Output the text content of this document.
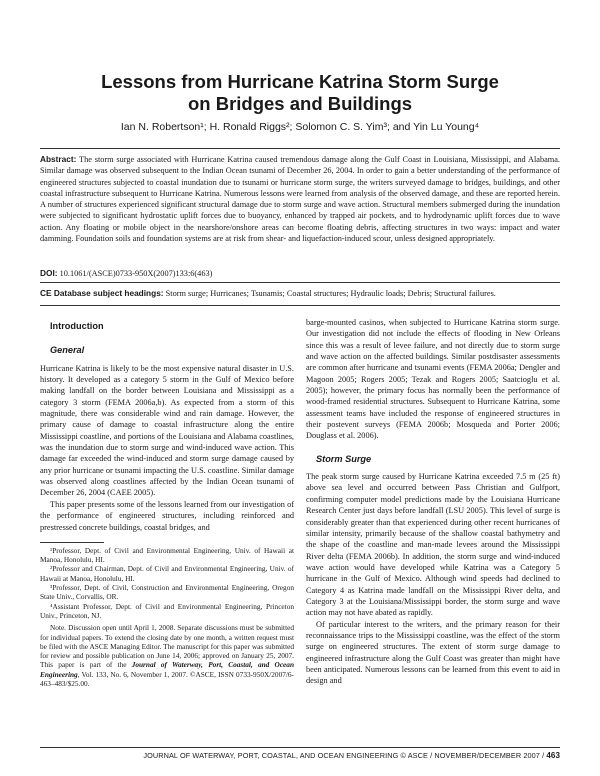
Lessons from Hurricane Katrina Storm Surge
on Bridges and Buildings

Ian N. Robertson¹; H. Ronald Riggs²; Solomon C. S. Yim³; and Yin Lu Young⁴

Abstract: The storm surge associated with Hurricane Katrina caused tremendous damage along the Gulf Coast in Louisiana, Mississippi, and Alabama. Similar damage was observed subsequent to the Indian Ocean tsunami of December 26, 2004. In order to gain a better understanding of the performance of engineered structures subjected to coastal inundation due to tsunami or hurricane storm surge, the writers surveyed damage to bridges, buildings, and other coastal infrastructure subsequent to Hurricane Katrina. Numerous lessons were learned from analysis of the observed damage, and these are reported herein. A number of structures experienced significant structural damage due to storm surge and wave action. Structural members submerged during the inundation were subjected to significant hydrostatic uplift forces due to buoyancy, enhanced by trapped air pockets, and to hydrodynamic uplift forces due to wave action. Any floating or mobile object in the nearshore/onshore areas can become floating debris, affecting structures in two ways: impact and water damming. Foundation soils and foundation systems are at risk from shear- and liquefaction-induced scour, unless designed appropriately.

DOI: 10.1061/(ASCE)0733-950X(2007)133:6(463)

CE Database subject headings: Storm surge; Hurricanes; Tsunamis; Coastal structures; Hydraulic loads; Debris; Structural failures.

Introduction

General

Hurricane Katrina is likely to be the most expensive natural disaster in U.S. history. It developed as a category 5 storm in the Gulf of Mexico before making landfall on the border between Louisiana and Mississippi as a category 3 storm (FEMA 2006a,b). As expected from a storm of this magnitude, there was considerable wind and rain damage. However, the primary cause of damage to coastal infrastructure along the entire Mississippi coastline, and portions of the Louisiana and Alabama coastlines, was the inundation due to storm surge and wind-induced wave action. This damage far exceeded the wind-induced and storm surge damage caused by any prior hurricane or tsunami impacting the U.S. coastline. Similar damage was observed along coastlines affected by the Indian Ocean tsunami of December 26, 2004 (CAEE 2005).

This paper presents some of the lessons learned from our investigation of the performance of engineered structures, including reinforced and prestressed concrete buildings, coastal bridges, and

¹Professor, Dept. of Civil and Environmental Engineering, Univ. of Hawaii at Manoa, Honolulu, HI.

²Professor and Chairman, Dept. of Civil and Environmental Engineering, Univ. of Hawaii at Manoa, Honolulu, HI.

³Professor, Dept. of Civil, Construction and Environmental Engineering, Oregon State Univ., Corvallis, OR.

⁴Assistant Professor, Dept. of Civil and Environmental Engineering, Princeton Univ., Princeton, NJ.

Note. Discussion open until April 1, 2008. Separate discussions must be submitted for individual papers. To extend the closing date by one month, a written request must be filed with the ASCE Managing Editor. The manuscript for this paper was submitted for review and possible publication on June 14, 2006; approved on January 25, 2007. This paper is part of the Journal of Waterway, Port, Coastal, and Ocean Engineering, Vol. 133, No. 6, November 1, 2007. ©ASCE, ISSN 0733-950X/2007/6-463–483/$25.00.

barge-mounted casinos, when subjected to Hurricane Katrina storm surge. Our investigation did not include the effects of flooding in New Orleans since this was a result of levee failure, and not directly due to storm surge and wave action on the affected buildings. Similar postdisaster assessments are common after hurricane and tsunami events (FEMA 2006a; Dengler and Magoon 2005; Rogers 2005; Tezak and Rogers 2005; Saatcioglu et al. 2005); however, the primary focus has normally been the performance of wood-framed residential structures. Subsequent to Hurricane Katrina, some assessment teams have included the response of engineered structures in their postevent surveys (FEMA 2006b; Mosqueda and Porter 2006; Douglass et al. 2006).

Storm Surge

The peak storm surge caused by Hurricane Katrina exceeded 7.5 m (25 ft) above sea level and occurred between Pass Christian and Gulfport, confirming computer model predictions made by the Louisiana Hurricane Research Center just days before landfall (LSU 2005). This level of surge is considerably greater than that experienced during other recent hurricanes of similar intensity, primarily because of the shallow coastal bathymetry and the shape of the coastline and man-made levees around the Mississippi River delta (FEMA 2006b). In addition, the storm surge and wind-induced wave action would have developed while Katrina was a Category 5 hurricane in the Gulf of Mexico. Although wind speeds had declined to Category 4 as Katrina made landfall on the Mississippi River delta, and Category 3 at the Louisiana/Mississippi border, the storm surge and wave action may not have abated as rapidly.

Of particular interest to the writers, and the primary reason for their reconnaissance trips to the Mississippi coastline, was the effect of the storm surge on engineered structures. The extent of storm surge damage to engineered infrastructure along the Gulf Coast was greater than might have been anticipated. Numerous lessons can be learned from this event to aid in design and

JOURNAL OF WATERWAY, PORT, COASTAL, AND OCEAN ENGINEERING © ASCE / NOVEMBER/DECEMBER 2007 / 463
